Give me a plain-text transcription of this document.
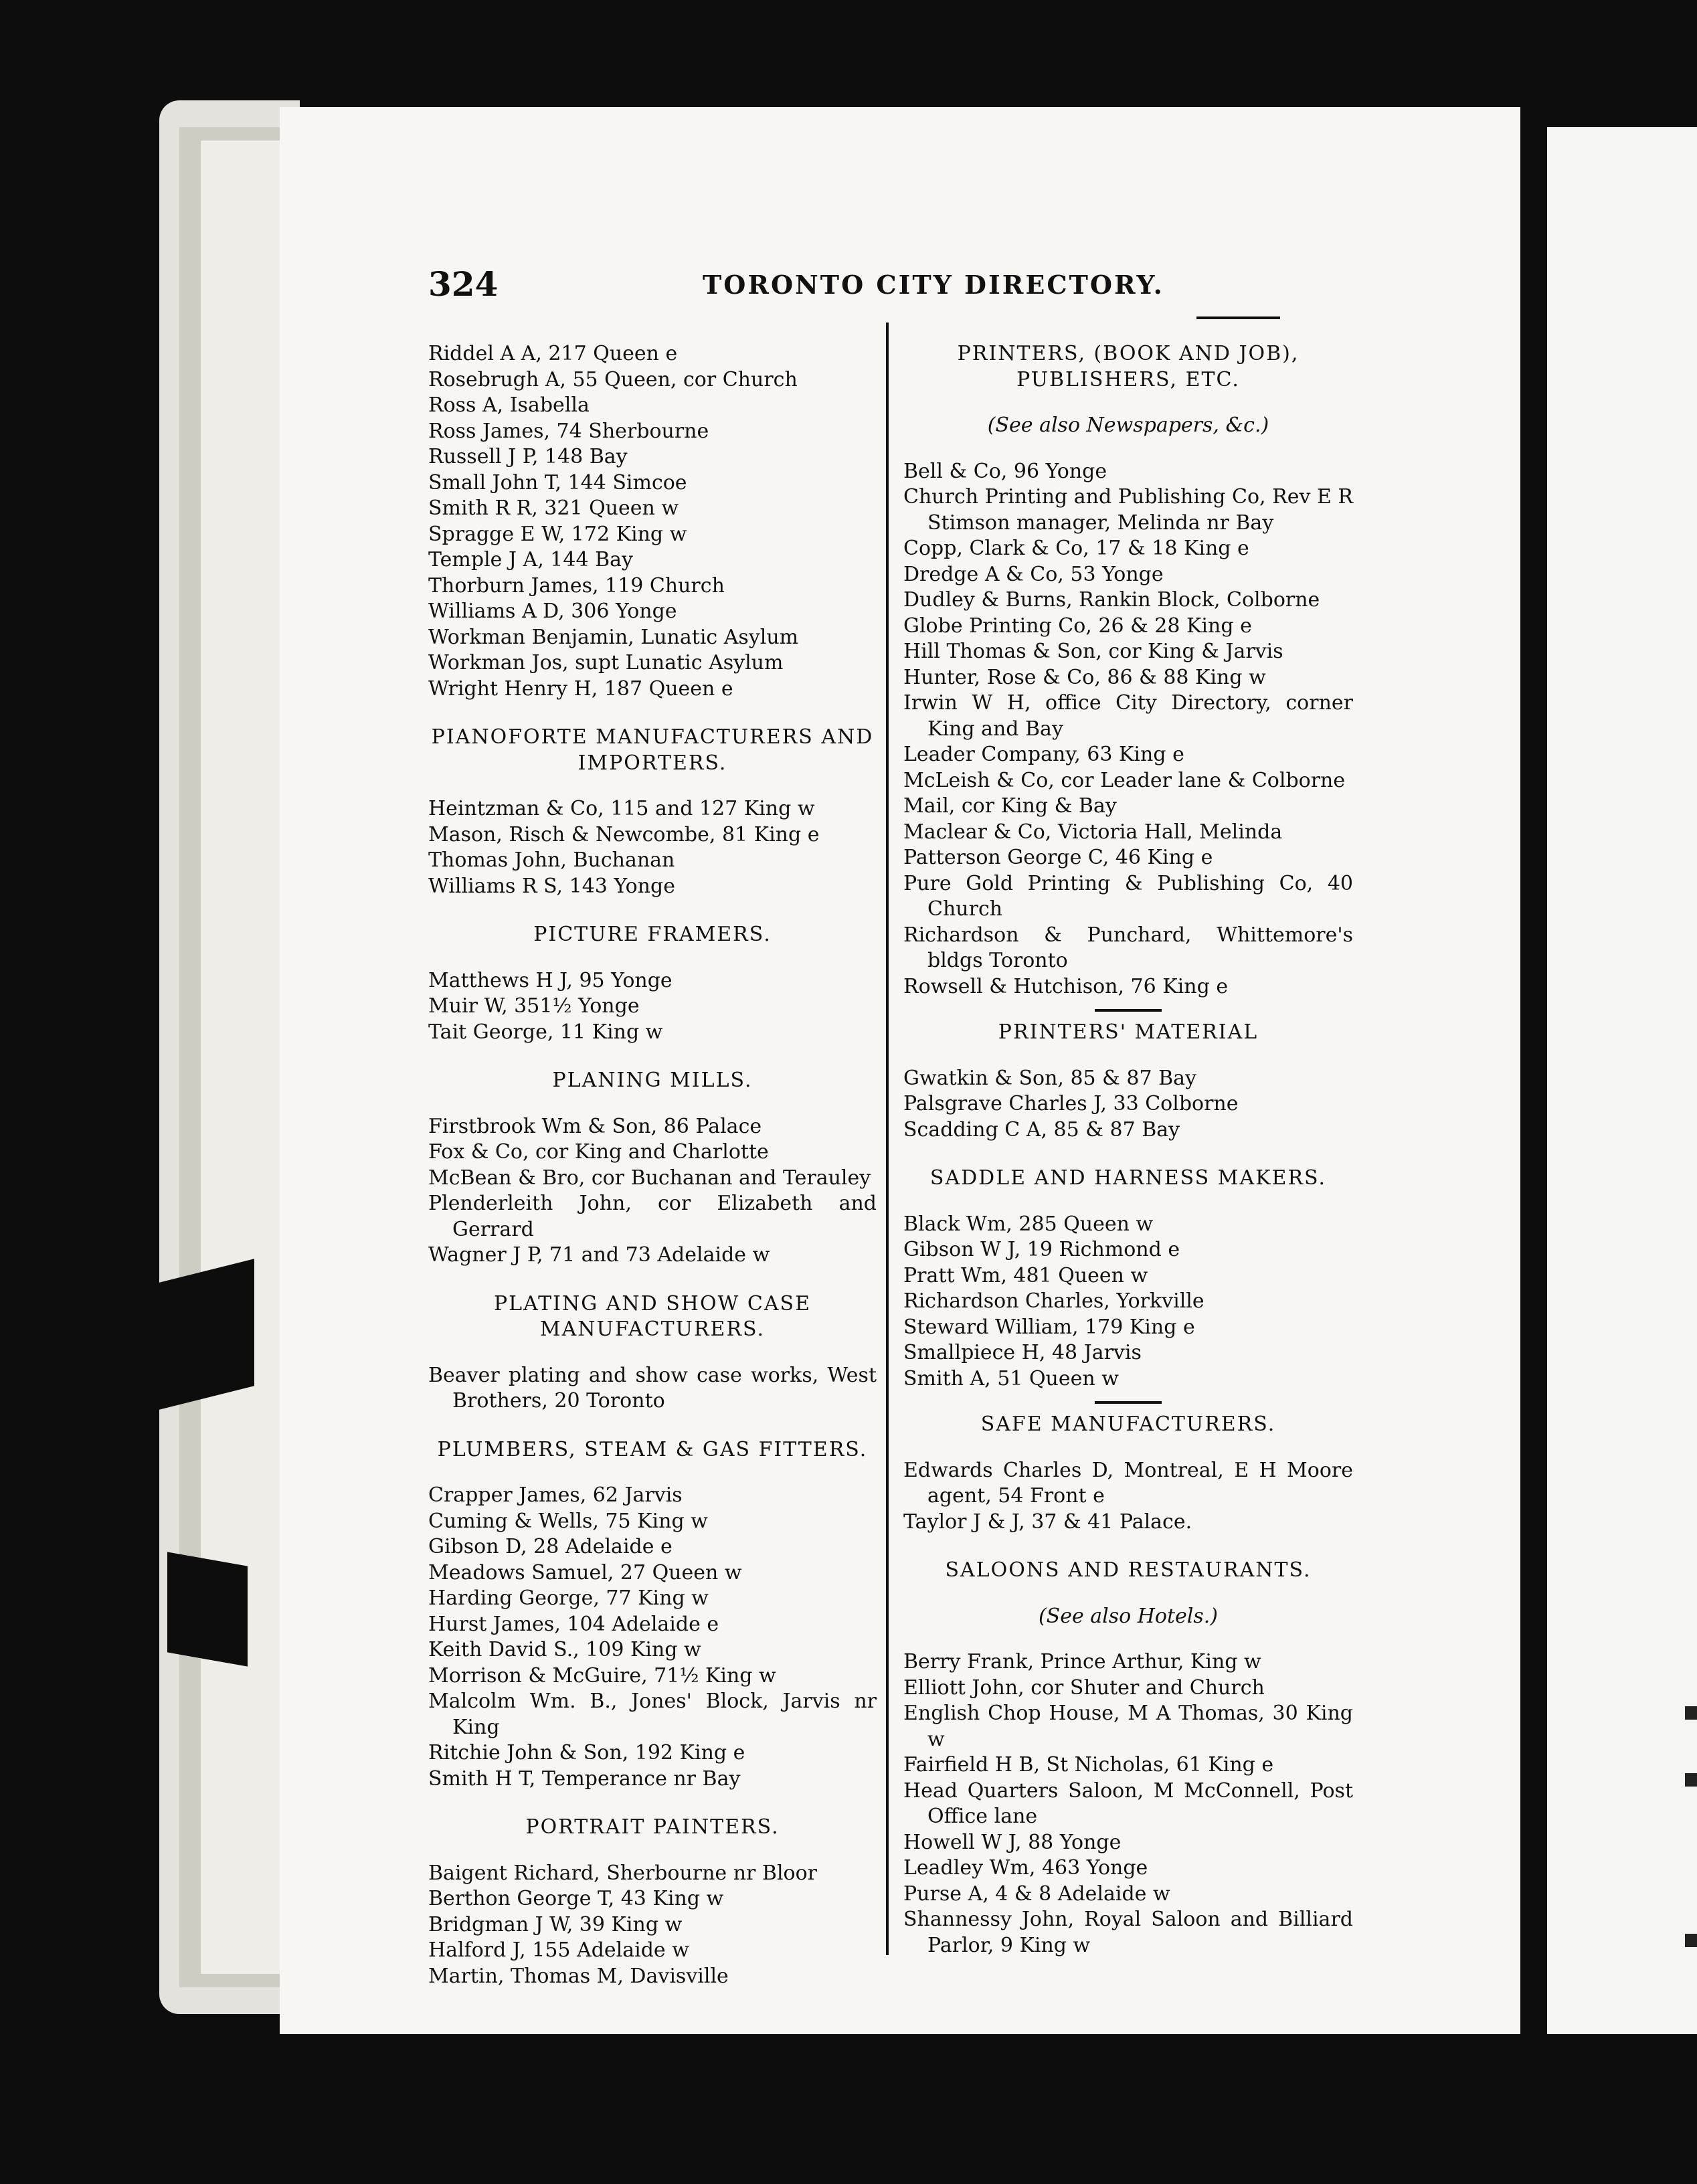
324	TORONTO CITY DIRECTORY.
Riddel A A, 217 Queen e
Rosebrugh A, 55 Queen, cor Church
Ross A, Isabella
Ross James, 74 Sherbourne
Russell J P, 148 Bay
Small John T, 144 Simcoe
Smith R R, 321 Queen w
Spragge E W, 172 King w
Temple J A, 144 Bay
Thorburn James, 119 Church
Williams A D, 306 Yonge
Workman Benjamin, Lunatic Asylum
Workman Jos, supt Lunatic Asylum
Wright Henry H, 187 Queen e
PIANOFORTE MANUFACTURERS AND IMPORTERS.
Heintzman & Co, 115 and 127 King w
Mason, Risch & Newcombe, 81 King e
Thomas John, Buchanan
Williams R S, 143 Yonge
PICTURE FRAMERS.
Matthews H J, 95 Yonge
Muir W, 351½ Yonge
Tait George, 11 King w
PLANING MILLS.
Firstbrook Wm & Son, 86 Palace
Fox & Co, cor King and Charlotte
McBean & Bro, cor Buchanan and Terauley
Plenderleith John, cor Elizabeth and Gerrard
Wagner J P, 71 and 73 Adelaide w
PLATING AND SHOW CASE MANUFACTURERS.
Beaver plating and show case works, West Brothers, 20 Toronto
PLUMBERS, STEAM & GAS FITTERS.
Crapper James, 62 Jarvis
Cuming & Wells, 75 King w
Gibson D, 28 Adelaide e
Meadows Samuel, 27 Queen w
Harding George, 77 King w
Hurst James, 104 Adelaide e
Keith David S., 109 King w
Morrison & McGuire, 71½ King w
Malcolm Wm. B., Jones' Block, Jarvis nr King
Ritchie John & Son, 192 King e
Smith H T, Temperance nr Bay
PORTRAIT PAINTERS.
Baigent Richard, Sherbourne nr Bloor
Berthon George T, 43 King w
Bridgman J W, 39 King w
Halford J, 155 Adelaide w
Martin, Thomas M, Davisville
PRINTERS, (BOOK AND JOB), PUBLISHERS, ETC.
(See also Newspapers, &c.)
Bell & Co, 96 Yonge
Church Printing and Publishing Co, Rev E R Stimson manager, Melinda nr Bay
Copp, Clark & Co, 17 & 18 King e
Dredge A & Co, 53 Yonge
Dudley & Burns, Rankin Block, Colborne
Globe Printing Co, 26 & 28 King e
Hill Thomas & Son, cor King & Jarvis
Hunter, Rose & Co, 86 & 88 King w
Irwin W H, office City Directory, corner King and Bay
Leader Company, 63 King e
McLeish & Co, cor Leader lane & Colborne
Mail, cor King & Bay
Maclear & Co, Victoria Hall, Melinda
Patterson George C, 46 King e
Pure Gold Printing & Publishing Co, 40 Church
Richardson & Punchard, Whittemore's bldgs Toronto
Rowsell & Hutchison, 76 King e
PRINTERS' MATERIAL
Gwatkin & Son, 85 & 87 Bay
Palsgrave Charles J, 33 Colborne
Scadding C A, 85 & 87 Bay
SADDLE AND HARNESS MAKERS.
Black Wm, 285 Queen w
Gibson W J, 19 Richmond e
Pratt Wm, 481 Queen w
Richardson Charles, Yorkville
Steward William, 179 King e
Smallpiece H, 48 Jarvis
Smith A, 51 Queen w
SAFE MANUFACTURERS.
Edwards Charles D, Montreal, E H Moore agent, 54 Front e
Taylor J & J, 37 & 41 Palace.
SALOONS AND RESTAURANTS.
(See also Hotels.)
Berry Frank, Prince Arthur, King w
Elliott John, cor Shuter and Church
English Chop House, M A Thomas, 30 King w
Fairfield H B, St Nicholas, 61 King e
Head Quarters Saloon, M McConnell, Post Office lane
Howell W J, 88 Yonge
Leadley Wm, 463 Yonge
Purse A, 4 & 8 Adelaide w
Shannessy John, Royal Saloon and Billiard Parlor, 9 King w
